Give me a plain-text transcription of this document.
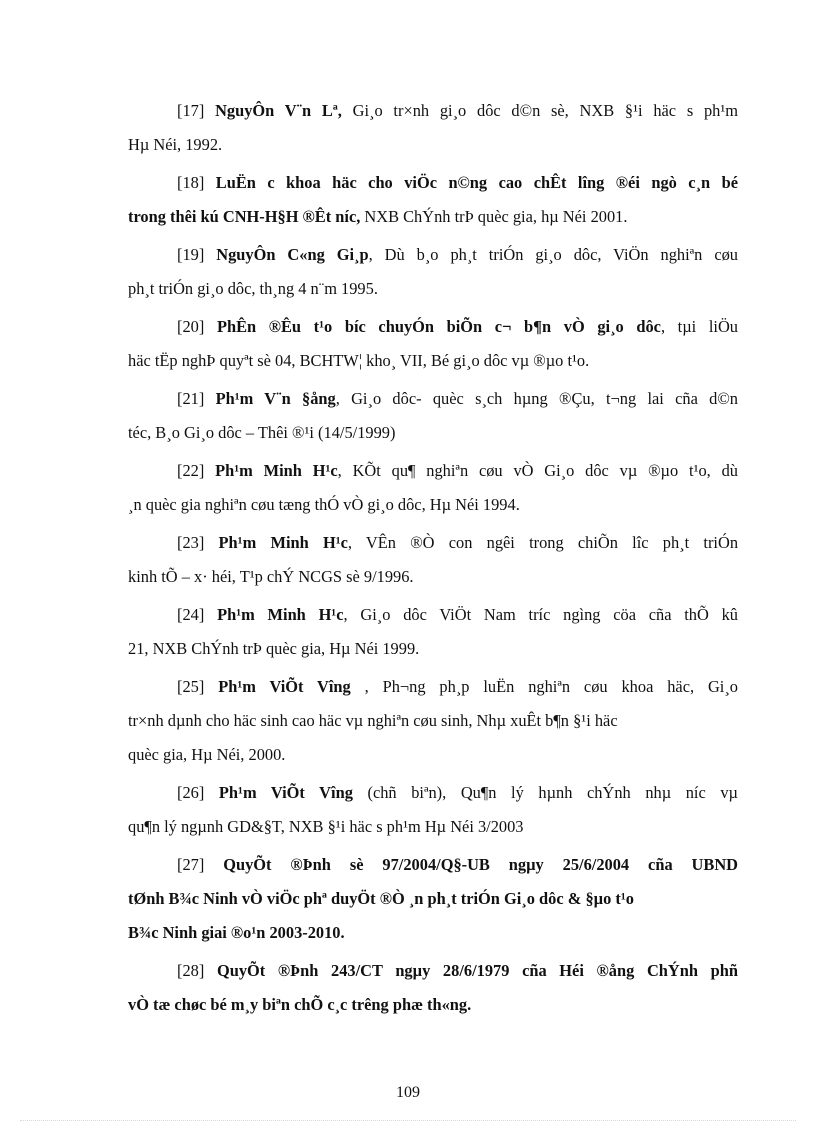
[17] NguyÔn V¨n Lª, Gi¸o tr×nh gi¸o dôc d©n sè, NXB §¹i häc s ph¹m

Hµ Néi, 1992.

[18] LuËn c khoa häc cho viÖc n©ng cao chÊt lîng ®éi ngò c¸n bé

trong thêi kú CNH-H§H ®Êt níc, NXB ChÝnh trÞ quèc gia, hµ Néi 2001.

[19] NguyÔn C«ng Gi¸p, Dù b¸o ph¸t triÓn gi¸o dôc, ViÖn nghiªn cøu

ph¸t triÓn gi¸o dôc, th¸ng 4 n¨m 1995.

[20] PhÊn ®Êu t¹o bíc chuyÓn biÕn c¬ b¶n vÒ gi¸o dôc, tµi liÖu

häc tËp nghÞ quyªt sè 04, BCHTW¦ kho¸ VII, Bé gi¸o dôc vµ ®µo t¹o.

[21] Ph¹m V¨n §ång, Gi¸o dôc- quèc s¸ch hµng ®Çu, t¬ng lai cña d©n

téc, B¸o Gi¸o dôc – Thêi ®¹i (14/5/1999)

[22] Ph¹m Minh H¹c, KÕt qu¶ nghiªn cøu vÒ Gi¸o dôc vµ ®µo t¹o, dù

¸n quèc gia nghiªn cøu tæng thÓ vÒ gi¸o dôc, Hµ Néi 1994.

[23] Ph¹m Minh H¹c, VÊn ®Ò con ngêi trong chiÕn lîc ph¸t triÓn

kinh tÕ – x· héi, T¹p chÝ NCGS sè 9/1996.

[24] Ph¹m Minh H¹c, Gi¸o dôc ViÖt Nam tríc ngìng cöa cña thÕ kû

21, NXB ChÝnh trÞ quèc gia, Hµ Néi 1999.

[25] Ph¹m ViÕt Vîng , Ph¬ng ph¸p luËn nghiªn cøu khoa häc, Gi¸o

tr×nh dµnh cho häc sinh cao häc vµ nghiªn cøu sinh, Nhµ xuÊt b¶n §¹i häc

quèc gia, Hµ Néi, 2000.

[26] Ph¹m ViÕt Vîng (chñ biªn), Qu¶n lý hµnh chÝnh nhµ níc vµ

qu¶n lý ngµnh GD&§T, NXB §¹i häc s ph¹m Hµ Néi 3/2003

[27] QuyÕt ®Þnh sè 97/2004/Q§-UB ngµy 25/6/2004 cña UBND

tØnh B¾c Ninh vÒ viÖc phª duyÖt ®Ò ¸n ph¸t triÓn Gi¸o dôc & §µo t¹o

B¾c Ninh giai ®o¹n 2003-2010.

[28] QuyÕt ®Þnh 243/CT ngµy 28/6/1979 cña Héi ®ång ChÝnh phñ

vÒ tæ chøc bé m¸y biªn chÕ c¸c trêng phæ th«ng.

109
